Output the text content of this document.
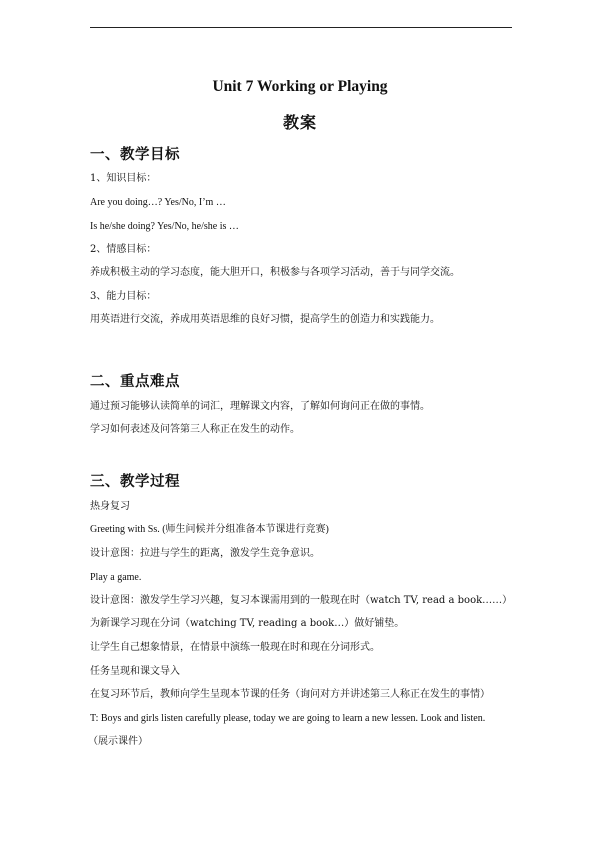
Unit 7 Working or Playing
教案
一、教学目标
1、知识目标：
Are you doing…? Yes/No, I’m …
Is he/she doing? Yes/No, he/she is …
2、情感目标：
养成积极主动的学习态度，能大胆开口，积极参与各项学习活动，善于与同学交流。
3、能力目标：
用英语进行交流，养成用英语思维的良好习惯，提高学生的创造力和实践能力。
二、重点难点
通过预习能够认读简单的词汇，理解课文内容，了解如何询问正在做的事情。
学习如何表述及问答第三人称正在发生的动作。
三、教学过程
热身复习
Greeting with Ss. (师生问候并分组准备本节课进行竞赛)
设计意图：拉进与学生的距离，激发学生竞争意识。
Play a game.
设计意图：激发学生学习兴趣，复习本课需用到的一般现在时（watch TV, read a book……）
为新课学习现在分词（watching TV, reading a book…）做好铺垫。
让学生自己想象情景，在情景中演练一般现在时和现在分词形式。
任务呈现和课文导入
在复习环节后，教师向学生呈现本节课的任务（询问对方并讲述第三人称正在发生的事情）
T: Boys and girls listen carefully please, today we are going to learn a new lessen. Look and listen.
（展示课件）
